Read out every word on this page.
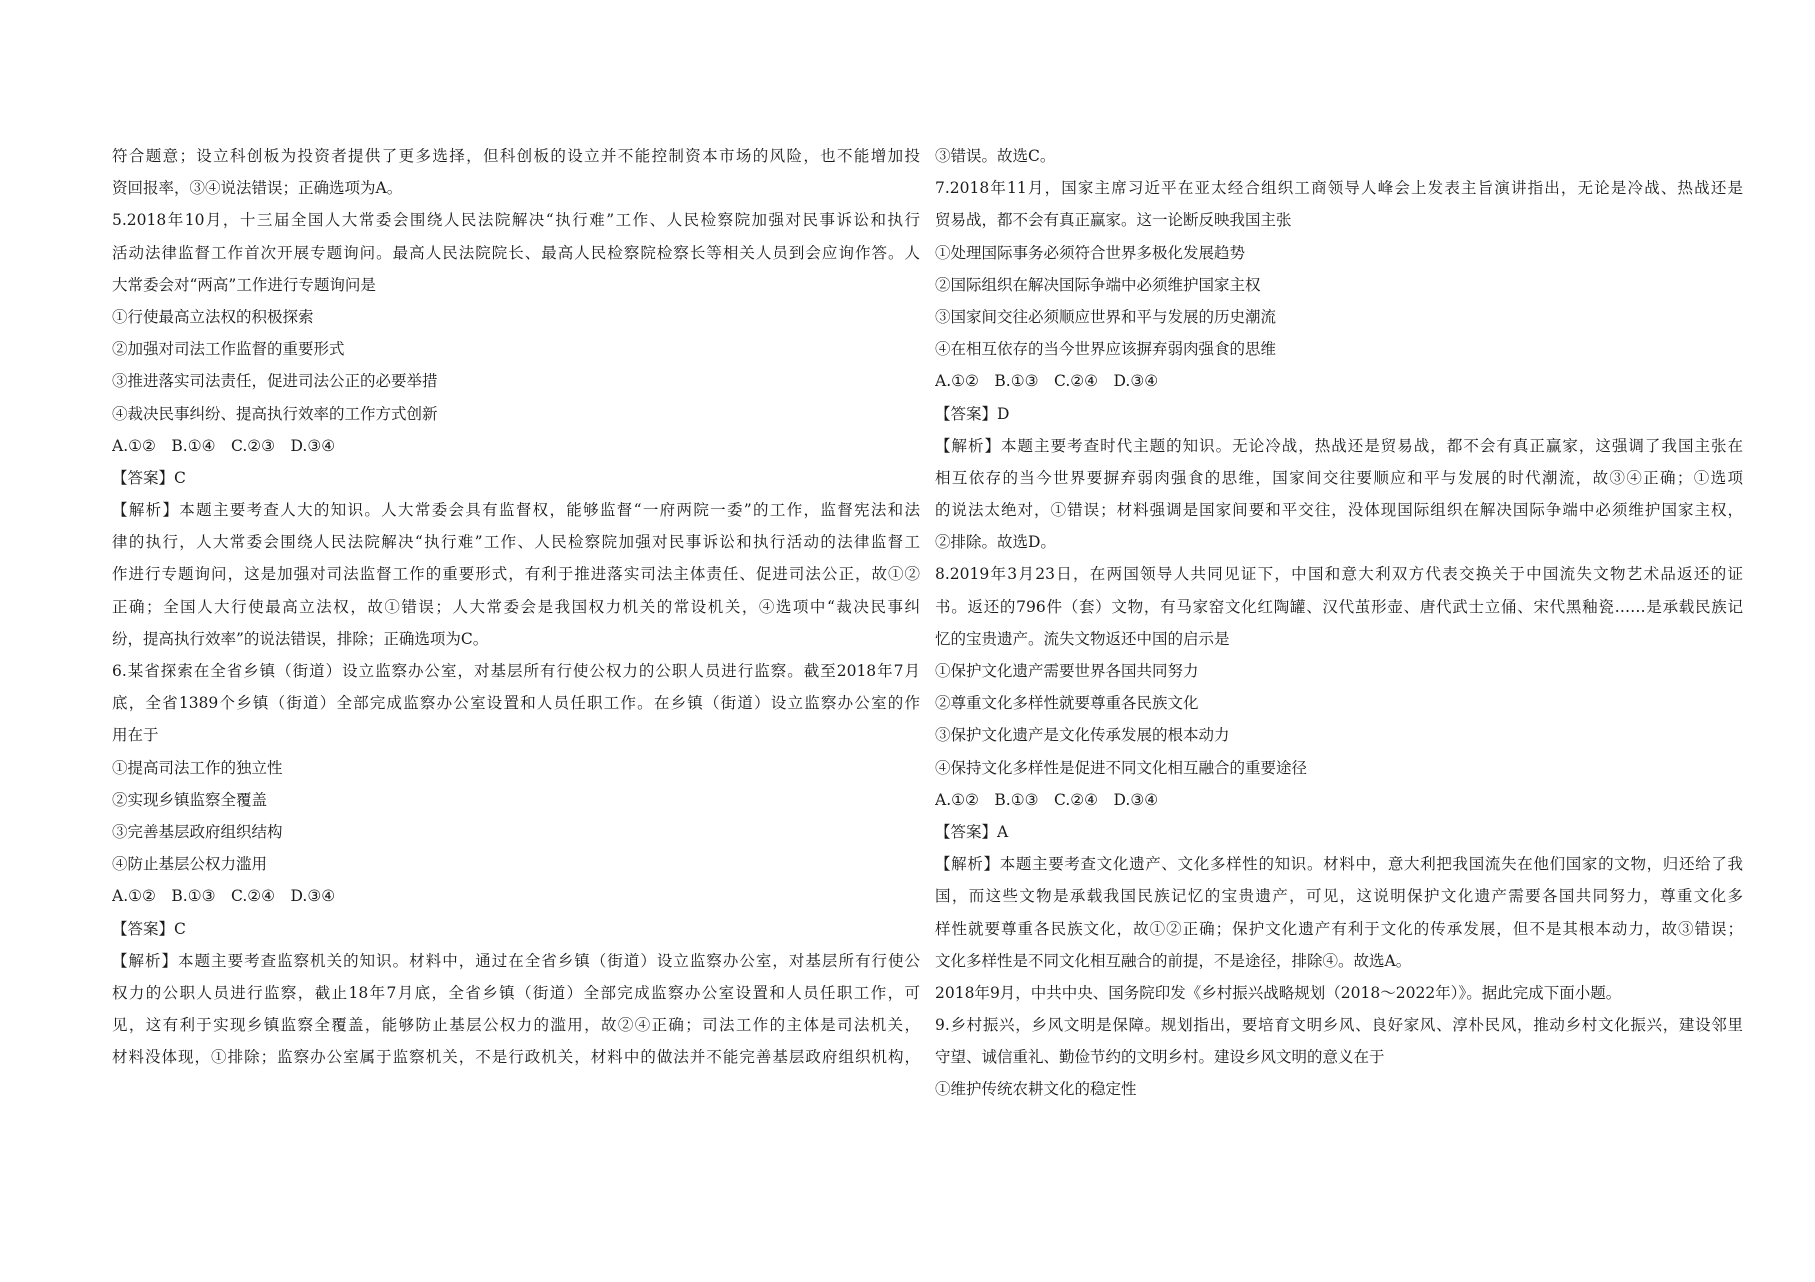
符合题意；设立科创板为投资者提供了更多选择，但科创板的设立并不能控制资本市场的风险，也不能增加投
资回报率，③④说法错误；正确选项为A。
5.2018年10月，十三届全国人大常委会围绕人民法院解决“执行难”工作、人民检察院加强对民事诉讼和执行
活动法律监督工作首次开展专题询问。最高人民法院院长、最高人民检察院检察长等相关人员到会应询作答。人
大常委会对“两高”工作进行专题询问是
①行使最高立法权的积极探索
②加强对司法工作监督的重要形式
③推进落实司法责任，促进司法公正的必要举措
④裁决民事纠纷、提高执行效率的工作方式创新
A.①②　B.①④　C.②③　D.③④
【答案】C
【解析】本题主要考查人大的知识。人大常委会具有监督权，能够监督“一府两院一委”的工作，监督宪法和法
律的执行，人大常委会围绕人民法院解决“执行难”工作、人民检察院加强对民事诉讼和执行活动的法律监督工
作进行专题询问，这是加强对司法监督工作的重要形式，有利于推进落实司法主体责任、促进司法公正，故①②
正确；全国人大行使最高立法权，故①错误；人大常委会是我国权力机关的常设机关，④选项中“裁决民事纠
纷，提高执行效率”的说法错误，排除；正确选项为C。
6.某省探索在全省乡镇（街道）设立监察办公室，对基层所有行使公权力的公职人员进行监察。截至2018年7月
底，全省1389个乡镇（街道）全部完成监察办公室设置和人员任职工作。在乡镇（街道）设立监察办公室的作
用在于
①提高司法工作的独立性
②实现乡镇监察全覆盖
③完善基层政府组织结构
④防止基层公权力滥用
A.①②　B.①③　C.②④　D.③④
【答案】C
【解析】本题主要考查监察机关的知识。材料中，通过在全省乡镇（街道）设立监察办公室，对基层所有行使公
权力的公职人员进行监察，截止18年7月底，全省乡镇（街道）全部完成监察办公室设置和人员任职工作，可
见，这有利于实现乡镇监察全覆盖，能够防止基层公权力的滥用，故②④正确；司法工作的主体是司法机关，
材料没体现，①排除；监察办公室属于监察机关，不是行政机关，材料中的做法并不能完善基层政府组织机构，
③错误。故选C。
7.2018年11月，国家主席习近平在亚太经合组织工商领导人峰会上发表主旨演讲指出，无论是冷战、热战还是
贸易战，都不会有真正赢家。这一论断反映我国主张
①处理国际事务必须符合世界多极化发展趋势
②国际组织在解决国际争端中必须维护国家主权
③国家间交往必须顺应世界和平与发展的历史潮流
④在相互依存的当今世界应该摒弃弱肉强食的思维
A.①②　B.①③　C.②④　D.③④
【答案】D
【解析】本题主要考查时代主题的知识。无论冷战，热战还是贸易战，都不会有真正赢家，这强调了我国主张在
相互依存的当今世界要摒弃弱肉强食的思维，国家间交往要顺应和平与发展的时代潮流，故③④正确；①选项
的说法太绝对，①错误；材料强调是国家间要和平交往，没体现国际组织在解决国际争端中必须维护国家主权，
②排除。故选D。
8.2019年3月23日，在两国领导人共同见证下，中国和意大利双方代表交换关于中国流失文物艺术品返还的证
书。返还的796件（套）文物，有马家窑文化红陶罐、汉代茧形壶、唐代武士立俑、宋代黑釉瓷……是承载民族记
忆的宝贵遗产。流失文物返还中国的启示是
①保护文化遗产需要世界各国共同努力
②尊重文化多样性就要尊重各民族文化
③保护文化遗产是文化传承发展的根本动力
④保持文化多样性是促进不同文化相互融合的重要途径
A.①②　B.①③　C.②④　D.③④
【答案】A
【解析】本题主要考查文化遗产、文化多样性的知识。材料中，意大利把我国流失在他们国家的文物，归还给了我
国，而这些文物是承载我国民族记忆的宝贵遗产，可见，这说明保护文化遗产需要各国共同努力，尊重文化多
样性就要尊重各民族文化，故①②正确；保护文化遗产有利于文化的传承发展，但不是其根本动力，故③错误；
文化多样性是不同文化相互融合的前提，不是途径，排除④。故选A。
2018年9月，中共中央、国务院印发《乡村振兴战略规划（2018～2022年）》。据此完成下面小题。
9.乡村振兴，乡风文明是保障。规划指出，要培育文明乡风、良好家风、淳朴民风，推动乡村文化振兴，建设邻里
守望、诚信重礼、勤俭节约的文明乡村。建设乡风文明的意义在于
①维护传统农耕文化的稳定性
